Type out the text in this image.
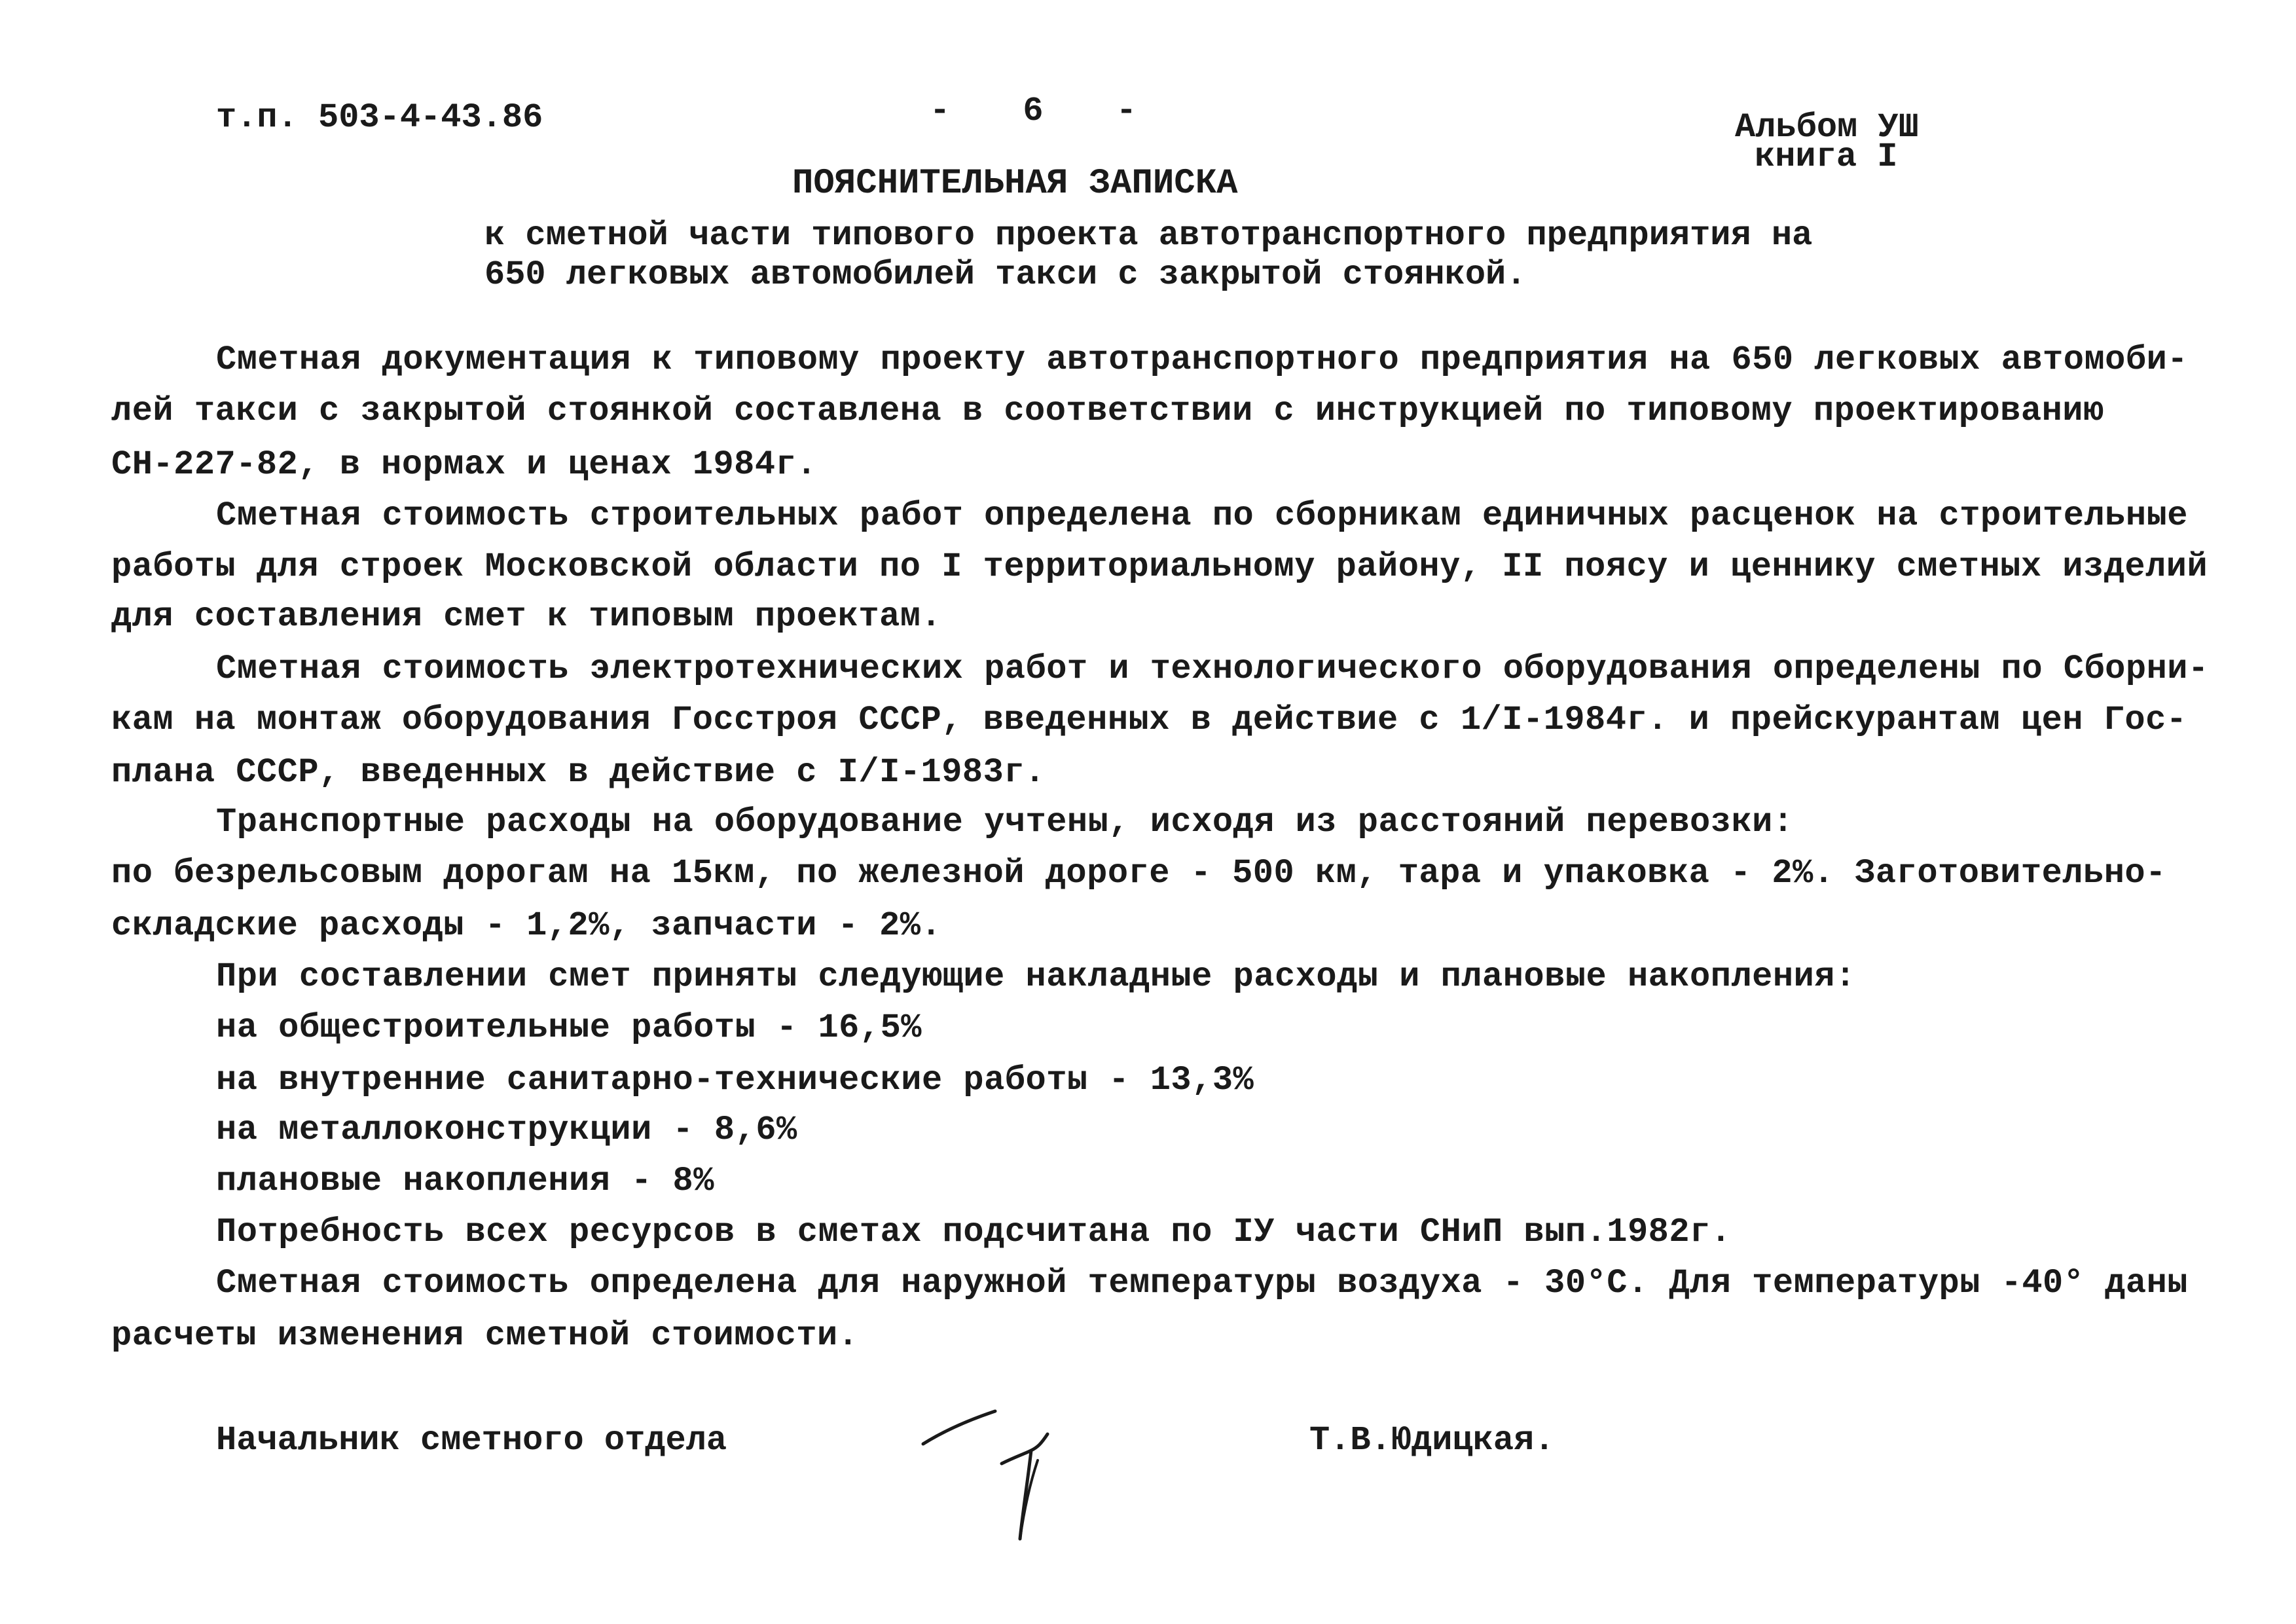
т.п. 503-4-43.86	- 6 -	Альбом УШ
книга I
ПОЯСНИТЕЛЬНАЯ ЗАПИСКА
к сметной части типового проекта автотранспортного предприятия на
650 легковых автомобилей такси с закрытой стоянкой.
Сметная документация к типовому проекту автотранспортного предприятия на 650 легковых автомоби-
лей такси с закрытой стоянкой составлена в соответствии с инструкцией по типовому проектированию
СН-227-82, в нормах и ценах 1984г.
Сметная стоимость строительных работ определена по сборникам единичных расценок на строительные
работы для строек Московской области по I территориальному району, II поясу и ценнику сметных изделий
для составления смет к типовым проектам.
Сметная стоимость электротехнических работ и технологического оборудования определены по Сборни-
кам на монтаж оборудования Госстроя СССР, введенных в действие с 1/I-1984г. и прейскурантам цен Гос-
плана СССР, введенных в действие с I/I-1983г.
Транспортные расходы на оборудование учтены, исходя из расстояний перевозки:
по безрельсовым дорогам на 15км, по железной дороге - 500 км, тара и упаковка - 2%. Заготовительно-
складские расходы - 1,2%, запчасти - 2%.
При составлении смет приняты следующие накладные расходы и плановые накопления:
на общестроительные работы - 16,5%
на внутренние санитарно-технические работы - 13,3%
на металлоконструкции - 8,6%
плановые накопления - 8%
Потребность всех ресурсов в сметах подсчитана по IУ части СНиП вып.1982г.
Сметная стоимость определена для наружной температуры воздуха - 30°С. Для температуры -40° даны
расчеты изменения сметной стоимости.
Начальник сметного отдела	Т.В.Юдицкая.
